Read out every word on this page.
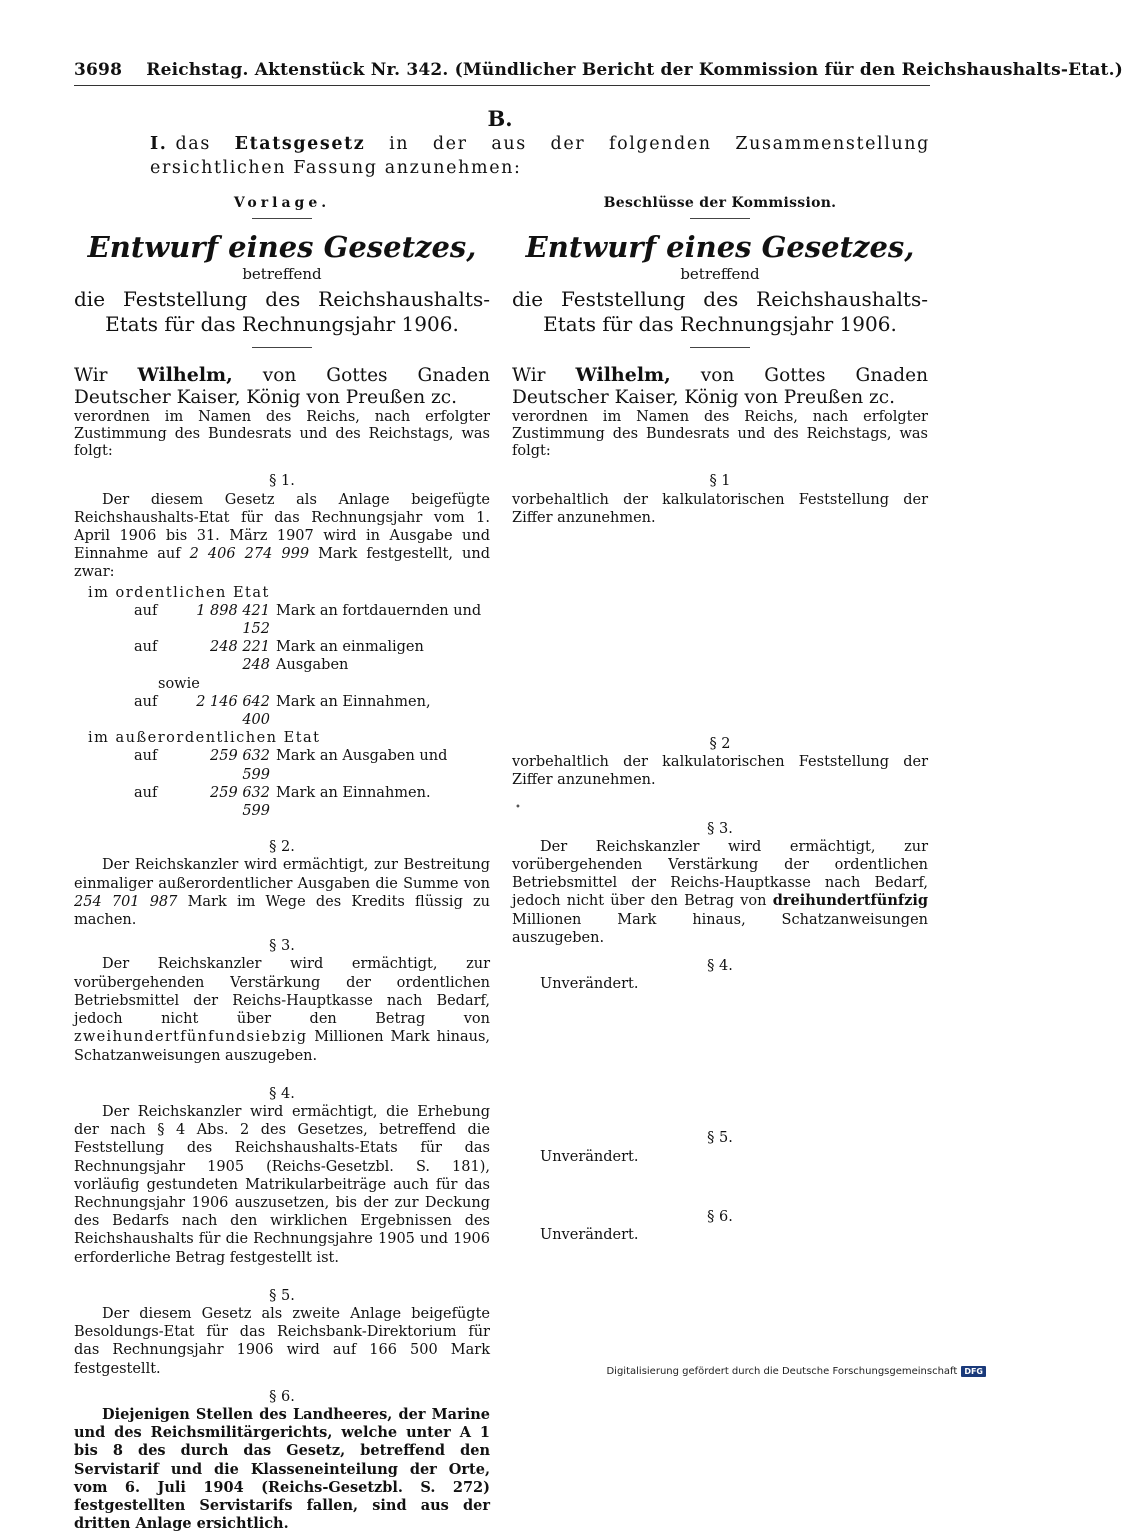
3698 Reichstag. Aktenstück Nr. 342. (Mündlicher Bericht der Kommission für den Reichshaushalts-Etat.)
B.
I. das Etatsgesetz in der aus der folgenden Zusammenstellung ersichtlichen Fassung anzunehmen:
Vorlage.
Entwurf eines Gesetzes,
betreffend
die Feststellung des Reichshaushalts-Etats für das Rechnungsjahr 1906.
Wir Wilhelm, von Gottes Gnaden Deutscher Kaiser, König von Preußen zc.
verordnen im Namen des Reichs, nach erfolgter Zustimmung des Bundesrats und des Reichstags, was folgt:
§ 1.
Der diesem Gesetz als Anlage beigefügte Reichshaushalts-Etat für das Rechnungsjahr vom 1. April 1906 bis 31. März 1907 wird in Ausgabe und Einnahme auf 2 406 274 999 Mark festgestellt, und zwar:
im ordentlichen Etat
auf	1 898 421 152
Mark an fortdauernden und
auf	248 221 248
Mark an einmaligen Ausgaben
sowie
auf	2 146 642 400
Mark an Einnahmen,
im außerordentlichen Etat
auf	259 632 599
Mark an Ausgaben und
auf	259 632 599
Mark an Einnahmen.
§ 2.
Der Reichskanzler wird ermächtigt, zur Bestreitung einmaliger außerordentlicher Ausgaben die Summe von 254 701 987 Mark im Wege des Kredits flüssig zu machen.
§ 3.
Der Reichskanzler wird ermächtigt, zur vorübergehenden Verstärkung der ordentlichen Betriebsmittel der Reichs-Hauptkasse nach Bedarf, jedoch nicht über den Betrag von zweihundertfünfundsiebzig Millionen Mark hinaus, Schatzanweisungen auszugeben.
§ 4.
Der Reichskanzler wird ermächtigt, die Erhebung der nach § 4 Abs. 2 des Gesetzes, betreffend die Feststellung des Reichshaushalts-Etats für das Rechnungsjahr 1905 (Reichs-Gesetzbl. S. 181), vorläufig gestundeten Matrikularbeiträge auch für das Rechnungsjahr 1906 auszusetzen, bis der zur Deckung des Bedarfs nach den wirklichen Ergebnissen des Reichshaushalts für die Rechnungsjahre 1905 und 1906 erforderliche Betrag festgestellt ist.
§ 5.
Der diesem Gesetz als zweite Anlage beigefügte Besoldungs-Etat für das Reichsbank-Direktorium für das Rechnungsjahr 1906 wird auf 166 500 Mark festgestellt.
§ 6.
Diejenigen Stellen des Landheeres, der Marine und des Reichsmilitärgerichts, welche unter A 1 bis 8 des durch das Gesetz, betreffend den Servistarif und die Klasseneinteilung der Orte, vom 6. Juli 1904 (Reichs-Gesetzbl. S. 272) festgestellten Servistarifs fallen, sind aus der dritten Anlage ersichtlich.
Beschlüsse der Kommission.
Entwurf eines Gesetzes,
betreffend
die Feststellung des Reichshaushalts-Etats für das Rechnungsjahr 1906.
Wir Wilhelm, von Gottes Gnaden Deutscher Kaiser, König von Preußen zc.
verordnen im Namen des Reichs, nach erfolgter Zustimmung des Bundesrats und des Reichstags, was folgt:
§ 1
vorbehaltlich der kalkulatorischen Feststellung der Ziffer anzunehmen.
§ 2
vorbehaltlich der kalkulatorischen Feststellung der Ziffer anzunehmen.
§ 3.
Der Reichskanzler wird ermächtigt, zur vorübergehenden Verstärkung der ordentlichen Betriebsmittel der Reichs-Hauptkasse nach Bedarf, jedoch nicht über den Betrag von dreihundertfünfzig Millionen Mark hinaus, Schatzanweisungen auszugeben.
§ 4.
Unverändert.
§ 5.
Unverändert.
§ 6.
Unverändert.
•
Digitalisierung gefördert durch die Deutsche Forschungsgemeinschaft DFG
